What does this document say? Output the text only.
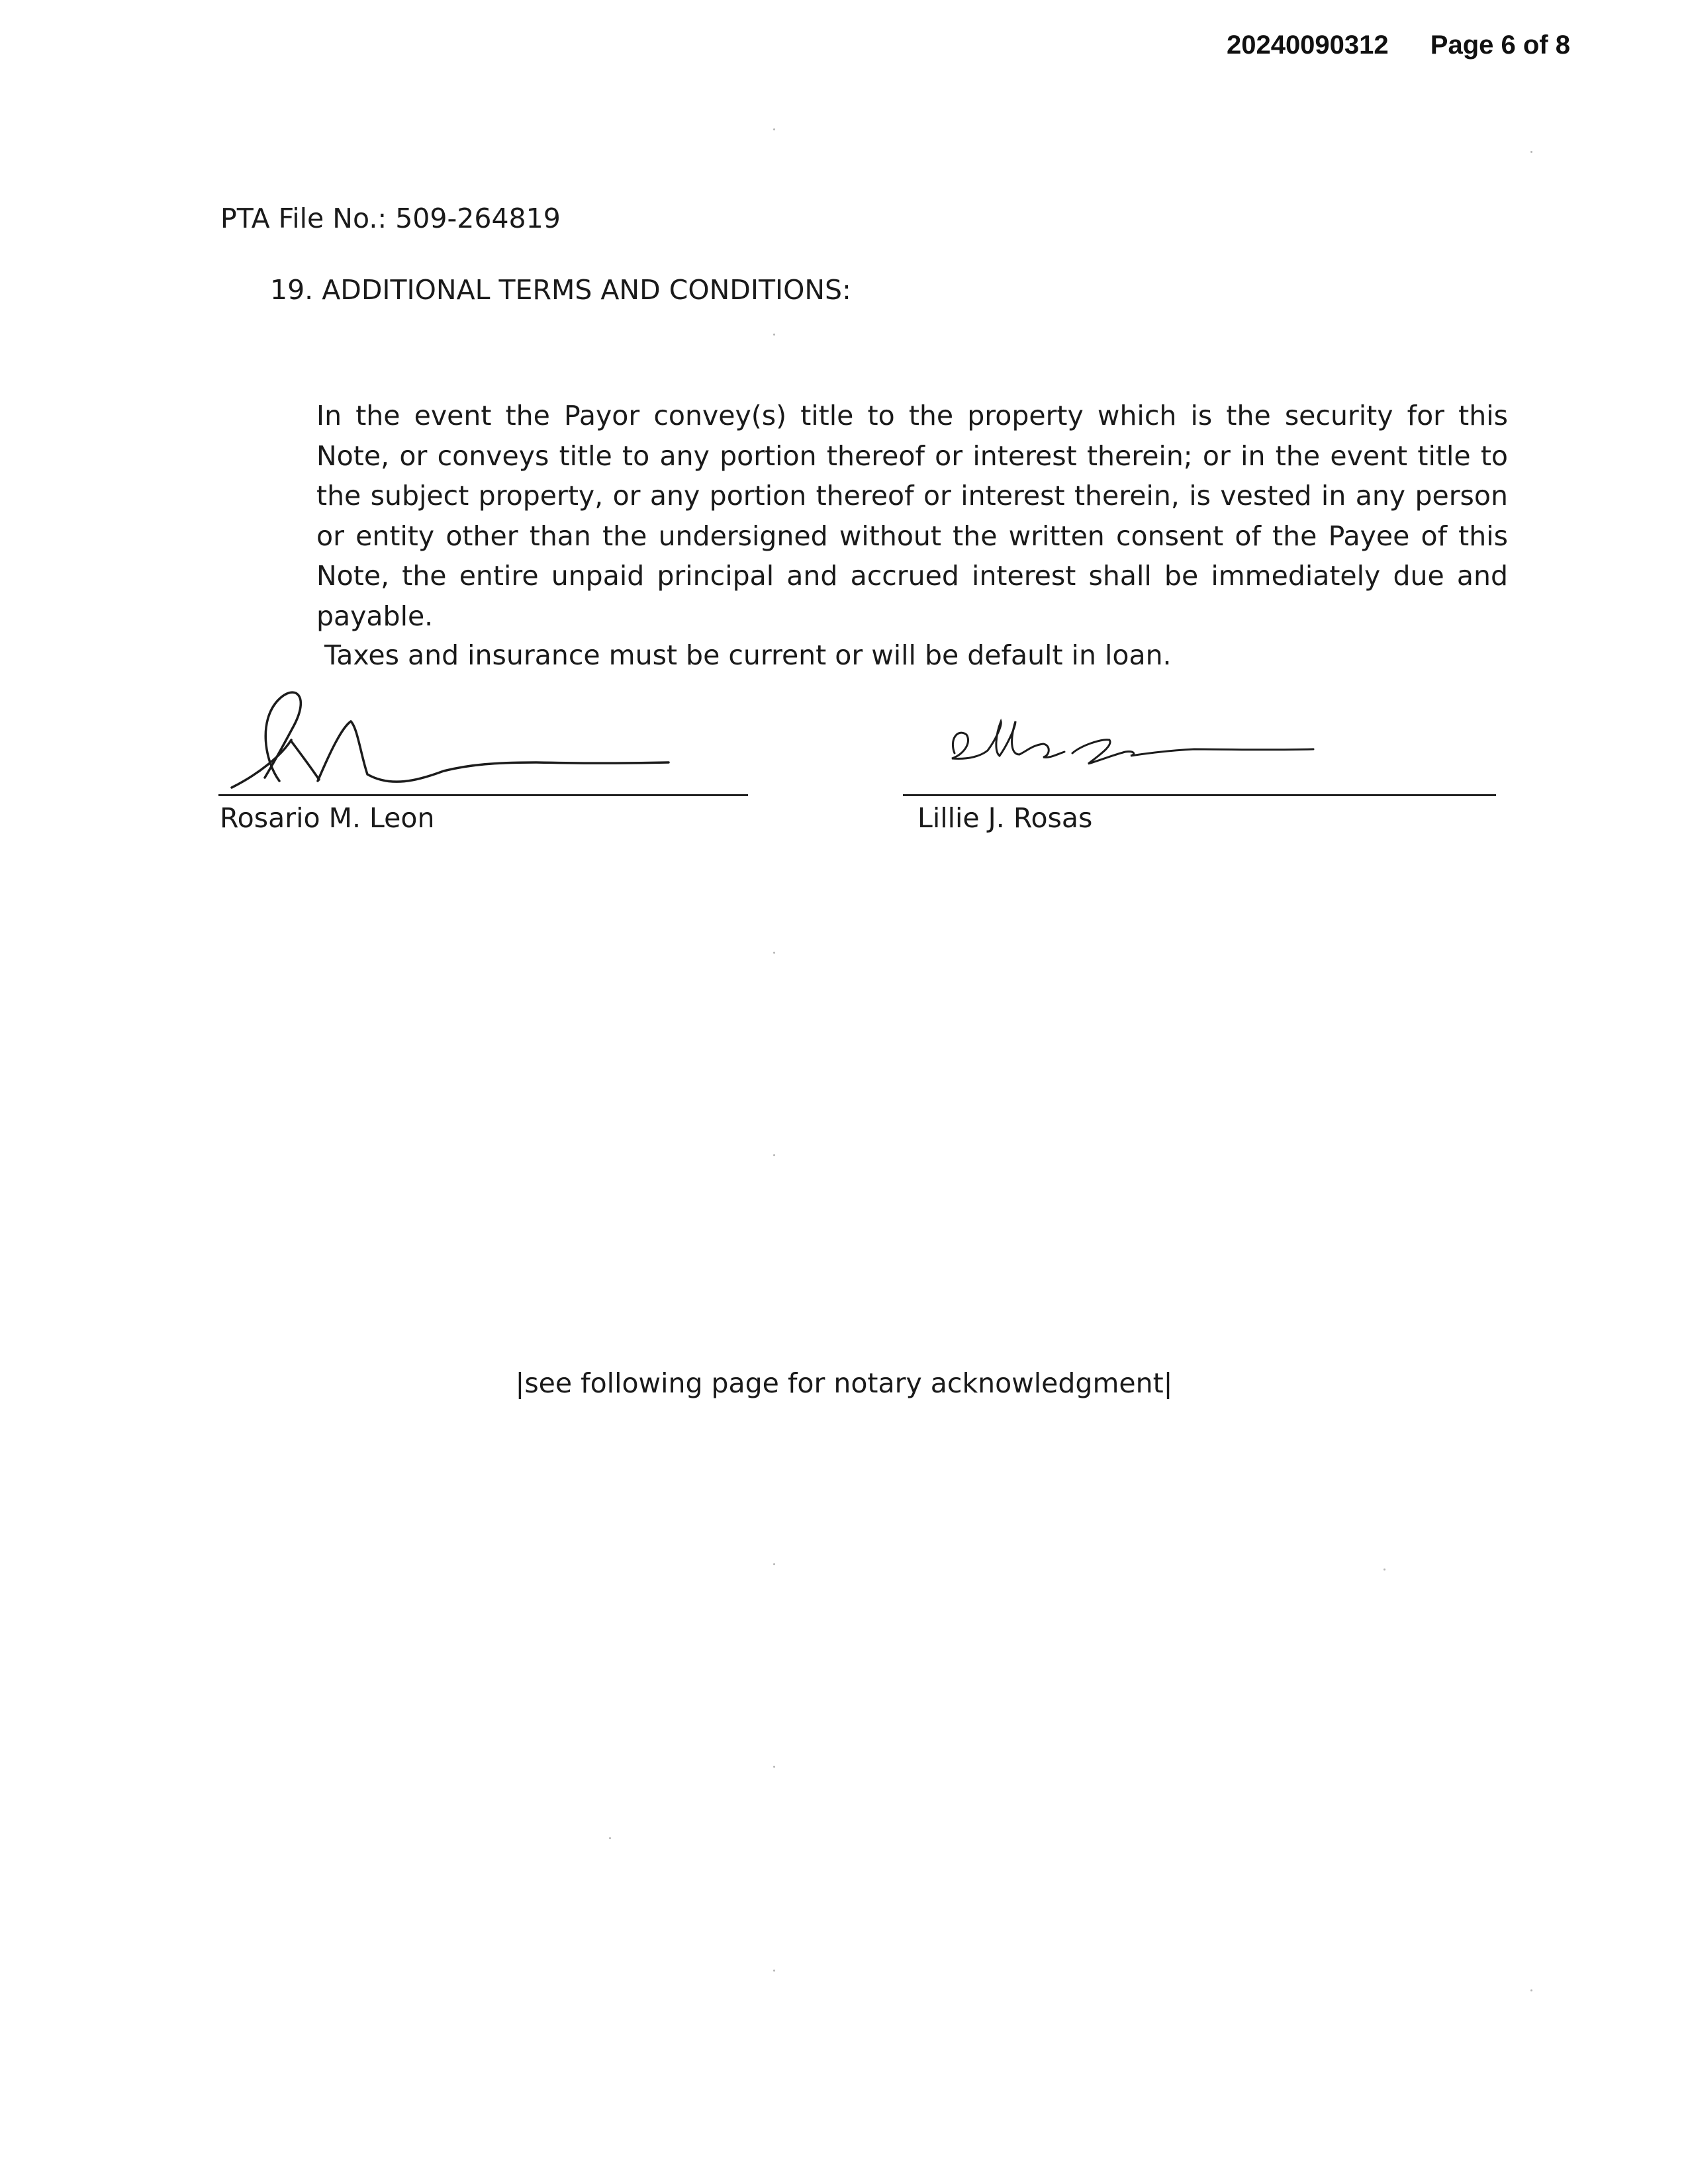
20240090312 Page 6 of 8
PTA File No.: 509-264819
19. ADDITIONAL TERMS AND CONDITIONS:

In the event the Payor convey(s) title to the property which is the security for this Note, or conveys title to any portion thereof or interest therein; or in the event title to the subject property, or any portion thereof or interest therein, is vested in any person or entity other than the undersigned without the written consent of the Payee of this Note, the entire unpaid principal and accrued interest shall be immediately due and payable.

Taxes and insurance must be current or will be default in loan.
Rosario M. Leon	Lillie J. Rosas
|see following page for notary acknowledgment|
